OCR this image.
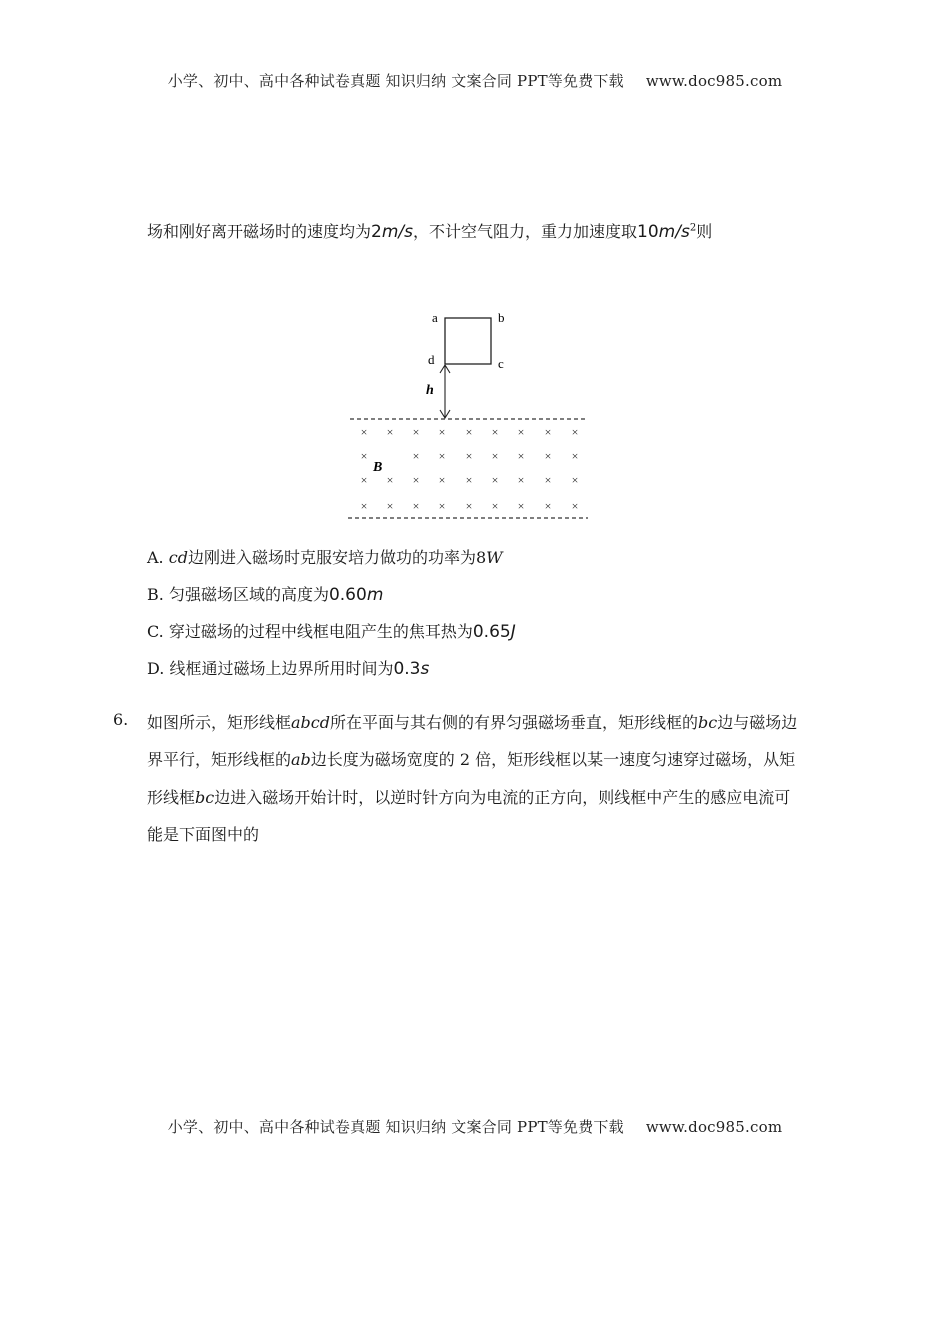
小学、初中、高中各种试卷真题 知识归纳 文案合同 PPT等免费下载 www.doc985.com
场和刚好离开磁场时的速度均为2m/s，不计空气阻力，重力加速度取$10m/s^2$则
a	b
c
d
h
× × × × × × × × ×
×	× × × × × × ×
× × × × × × × × ×
× × × × × × × × ×
B
A. cd边刚进入磁场时克服安培力做功的功率为8W
B. 匀强磁场区域的高度为0.60m
C. 穿过磁场的过程中线框电阻产生的焦耳热为0.65J
D. 线框通过磁场上边界所用时间为0.3s
6. 如图所示，矩形线框abcd所在平面与其右侧的有界匀强磁场垂直，矩形线框的bc边与磁场边
界平行，矩形线框的ab边长度为磁场宽度的 2 倍，矩形线框以某一速度匀速穿过磁场，从矩
形线框bc边进入磁场开始计时，以逆时针方向为电流的正方向，则线框中产生的感应电流可
能是下面图中的
小学、初中、高中各种试卷真题 知识归纳 文案合同 PPT等免费下载 www.doc985.com
